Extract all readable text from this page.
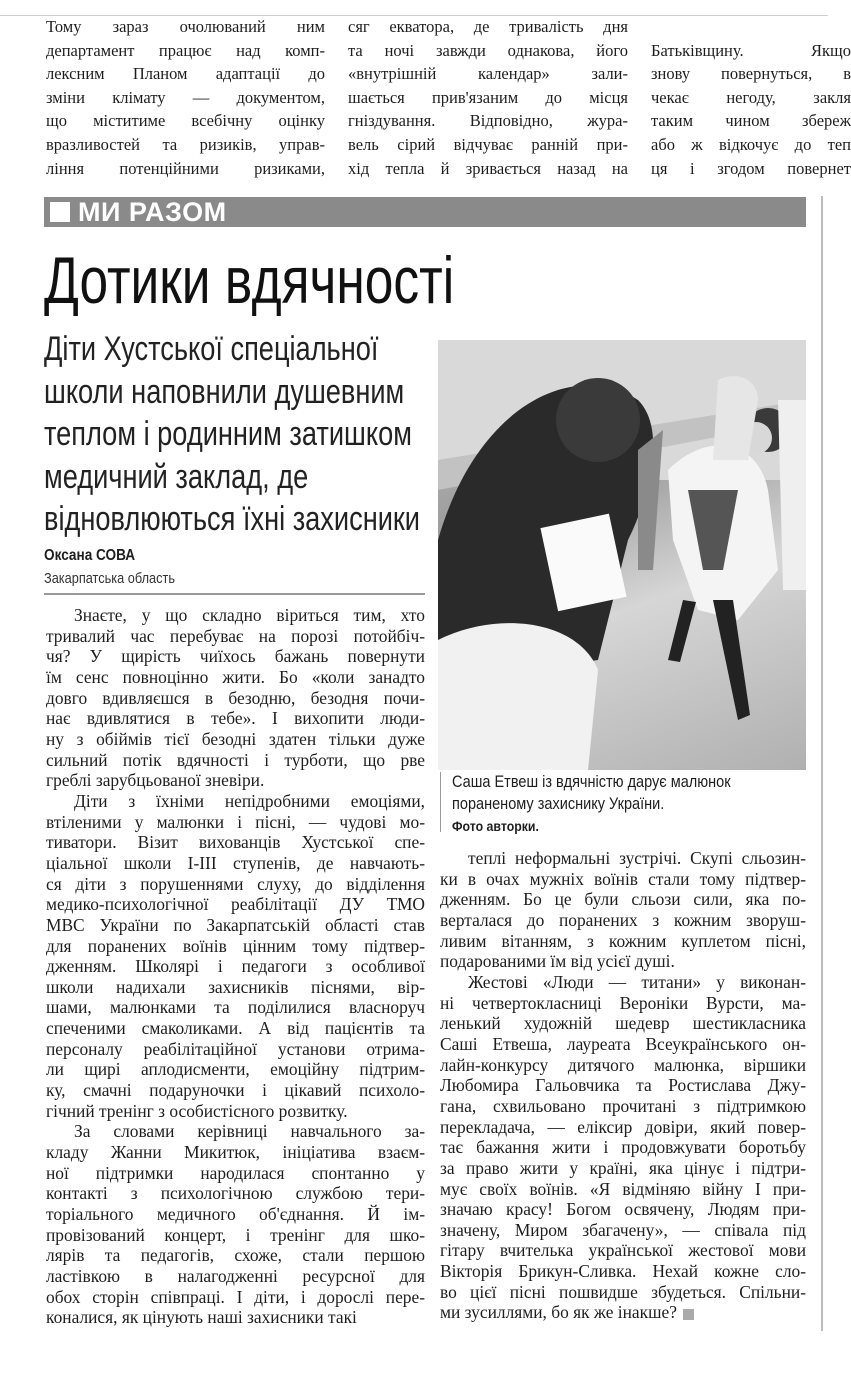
Тому зараз очолюваний ним
департамент працює над комп-
лексним Планом адаптації до
зміни клімату — документом,
що міститиме всебічну оцінку
вразливостей та ризиків, управ-
ління потенційними ризиками,
сяг екватора, де тривалість дня
та ночі завжди однакова, його
«внутрішній календар» зали-
шається прив'язаним до місця
гніздування. Відповідно, жура-
вель сірий відчуває ранній при-
хід тепла й зривається назад на
Батьківщину. Якщо
знову повернуться, в
чекає негоду, закля
таким чином збереж
або ж відкочує до теп
ця і згодом повернет
МИ РАЗОМ
Дотики вдячності
Діти Хустської спеціальної
школи наповнили душевним
теплом і родинним затишком
медичний заклад, де
відновлюються їхні захисники
Оксана СОВА
Закарпатська область
Саша Етвеш із вдячністю дарує малюнок
пораненому захиснику України.
Фото авторки.
Знаєте, у що складно віриться тим, хто
тривалий час перебуває на порозі потойбіч-
чя? У щирість чиїхось бажань повернути
їм сенс повноцінно жити. Бо «коли занадто
довго вдивляєшся в безодню, безодня почи-
нає вдивлятися в тебе». І вихопити люди-
ну з обіймів тієї безодні здатен тільки дуже
сильний потік вдячності і турботи, що рве
греблі зарубцьованої зневіри.
Діти з їхніми непідробними емоціями,
втіленими у малюнки і пісні, — чудові мо-
тиватори. Візит вихованців Хустської спе-
ціальної школи І-ІІІ ступенів, де навчають-
ся діти з порушеннями слуху, до відділення
медико-психологічної реабілітації ДУ ТМО
МВС України по Закарпатській області став
для поранених воїнів цінним тому підтвер-
дженням. Школярі і педагоги з особливої
школи надихали захисників піснями, вір-
шами, малюнками та поділилися власноруч
спеченими смаколиками. А від пацієнтів та
персоналу реабілітаційної установи отрима-
ли щирі аплодисменти, емоційну підтрим-
ку, смачні подаруночки і цікавий психоло-
гічний тренінг з особистісного розвитку.
За словами керівниці навчального за-
кладу Жанни Микитюк, ініціатива взаєм-
ної підтримки народилася спонтанно у
контакті з психологічною службою тери-
торіального медичного об'єднання. Й ім-
провізований концерт, і тренінг для шко-
лярів та педагогів, схоже, стали першою
ластівкою в налагодженні ресурсної для
обох сторін співпраці. І діти, і дорослі пере-
коналися, як цінують наші захисники такі
теплі неформальні зустрічі. Скупі сльозин-
ки в очах мужніх воїнів стали тому підтвер-
дженням. Бо це були сльози сили, яка по-
верталася до поранених з кожним зворуш-
ливим вітанням, з кожним куплетом пісні,
подарованими їм від усієї душі.
Жестові «Люди — титани» у виконан-
ні четвертокласниці Вероніки Вурсти, ма-
ленький художній шедевр шестикласника
Саші Етвеша, лауреата Всеукраїнського он-
лайн-конкурсу дитячого малюнка, віршики
Любомира Гальовчика та Ростислава Джу-
гана, схвильовано прочитані з підтримкою
перекладача, — еліксир довіри, який повер-
тає бажання жити і продовжувати боротьбу
за право жити у країні, яка цінує і підтри-
мує своїх воїнів. «Я відміняю війну І при-
значаю красу! Богом освячену, Людям при-
значену, Миром збагачену», — співала під
гітару вчителька української жестової мови
Вікторія Брикун-Сливка. Нехай кожне сло-
во цієї пісні пошвидше збудеться. Спільни-
ми зусиллями, бо як же інакше?
